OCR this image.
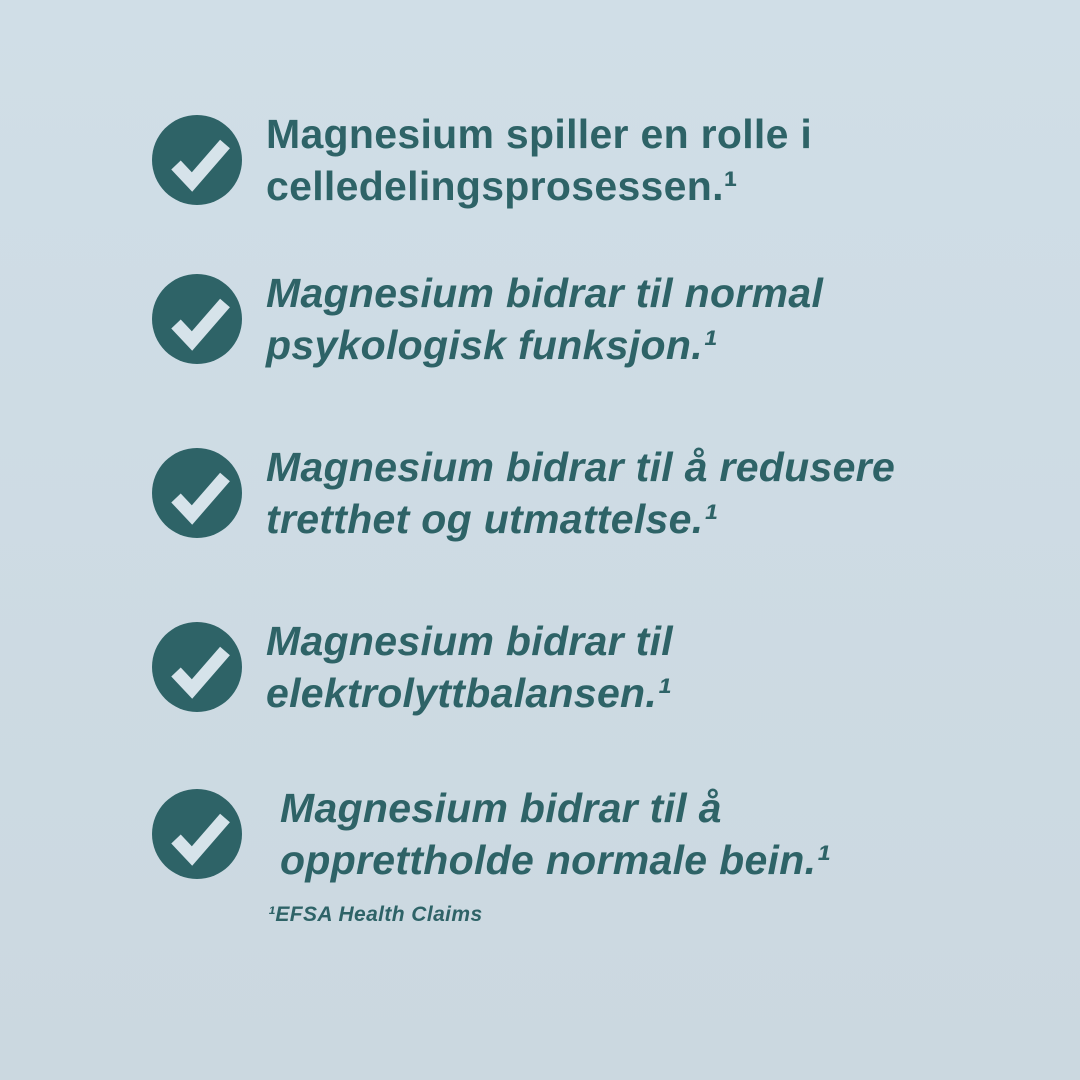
Magnesium spiller en rolle i
celledelingsprosessen.¹

Magnesium bidrar til normal
psykologisk funksjon.¹

Magnesium bidrar til å redusere
tretthet og utmattelse.¹

Magnesium bidrar til
elektrolyttbalansen.¹

Magnesium bidrar til å
opprettholde normale bein.¹

¹EFSA Health Claims
